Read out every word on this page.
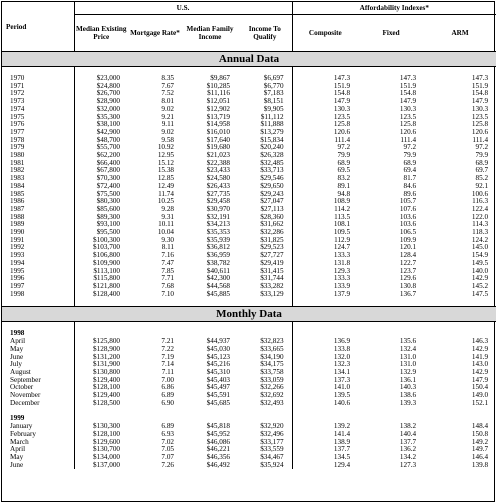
Period	U.S.				Affordability Indexes*		
	Median Existing Price	Mortgage Rate*	Median Family Income	Income To Qualify	Composite	Fixed	ARM
Annual Data							

1970	$23,000	8.35	$9,867	$6,697	147.3	147.3	147.3
1971	$24,800	7.67	$10,285	$6,770	151.9	151.9	151.9
1972	$26,700	7.52	$11,116	$7,183	154.8	154.8	154.8
1973	$28,900	8.01	$12,051	$8,151	147.9	147.9	147.9
1974	$32,000	9.02	$12,902	$9,905	130.3	130.3	130.3
1975	$35,300	9.21	$13,719	$11,112	123.5	123.5	123.5
1976	$38,100	9.11	$14,958	$11,888	125.8	125.8	125.8
1977	$42,900	9.02	$16,010	$13,279	120.6	120.6	120.6
1978	$48,700	9.58	$17,640	$15,834	111.4	111.4	111.4
1979	$55,700	10.92	$19,680	$20,240	97.2	97.2	97.2
1980	$62,200	12.95	$21,023	$26,328	79.9	79.9	79.9
1981	$66,400	15.12	$22,388	$32,485	68.9	68.9	68.9
1982	$67,800	15.38	$23,433	$33,713	69.5	69.4	69.7
1983	$70,300	12.85	$24,580	$29,546	83.2	81.7	85.2
1984	$72,400	12.49	$26,433	$29,650	89.1	84.6	92.1
1985	$75,500	11.74	$27,735	$29,243	94.8	89.6	100.6
1986	$80,300	10.25	$29,458	$27,047	108.9	105.7	116.3
1987	$85,600	9.28	$30,970	$27,113	114.2	107.6	122.4
1988	$89,300	9.31	$32,191	$28,360	113.5	103.6	122.0
1989	$93,100	10.11	$34,213	$31,662	108.1	103.6	114.3
1990	$95,500	10.04	$35,353	$32,286	109.5	106.5	118.3
1991	$100,300	9.30	$35,939	$31,825	112.9	109.9	124.2
1992	$103,700	8.11	$36,812	$29,523	124.7	120.1	145.0
1993	$106,800	7.16	$36,959	$27,727	133.3	128.4	154.9
1994	$109,900	7.47	$38,782	$29,419	131.8	122.7	149.5
1995	$113,100	7.85	$40,611	$31,415	129.3	123.7	140.0
1996	$115,800	7.71	$42,300	$31,744	133.3	129.6	142.9
1997	$121,800	7.68	$44,568	$33,282	133.9	130.8	145.2
1998	$128,400	7.10	$45,885	$33,129	137.9	136.7	147.5

Monthly Data							

1998							
April	$125,800	7.21	$44,937	$32,823	136.9	135.6	146.3
May	$128,900	7.22	$45,030	$33,665	133.8	132.4	142.9
June	$131,200	7.19	$45,123	$34,190	132.0	131.0	141.9
July	$131,900	7.14	$45,216	$34,175	132.3	131.0	143.0
August	$130,800	7.11	$45,310	$33,758	134.1	132.9	142.9
September	$129,400	7.00	$45,403	$33,059	137.3	136.1	147.9
October	$128,100	6.86	$45,497	$32,266	141.0	140.3	150.4
November	$129,400	6.89	$45,591	$32,692	139.5	138.6	149.0
December	$128,500	6.90	$45,685	$32,493	140.6	139.3	152.1

1999							
January	$130,300	6.89	$45,818	$32,920	139.2	138.2	148.4
February	$128,100	6.93	$45,952	$32,496	141.4	140.4	150.8
March	$129,600	7.02	$46,086	$33,177	138.9	137.7	149.2
April	$130,700	7.05	$46,221	$33,559	137.7	136.2	149.7
May	$134,000	7.07	$46,356	$34,467	134.5	134.2	146.4
June	$137,000	7.26	$46,492	$35,924	129.4	127.3	139.8
